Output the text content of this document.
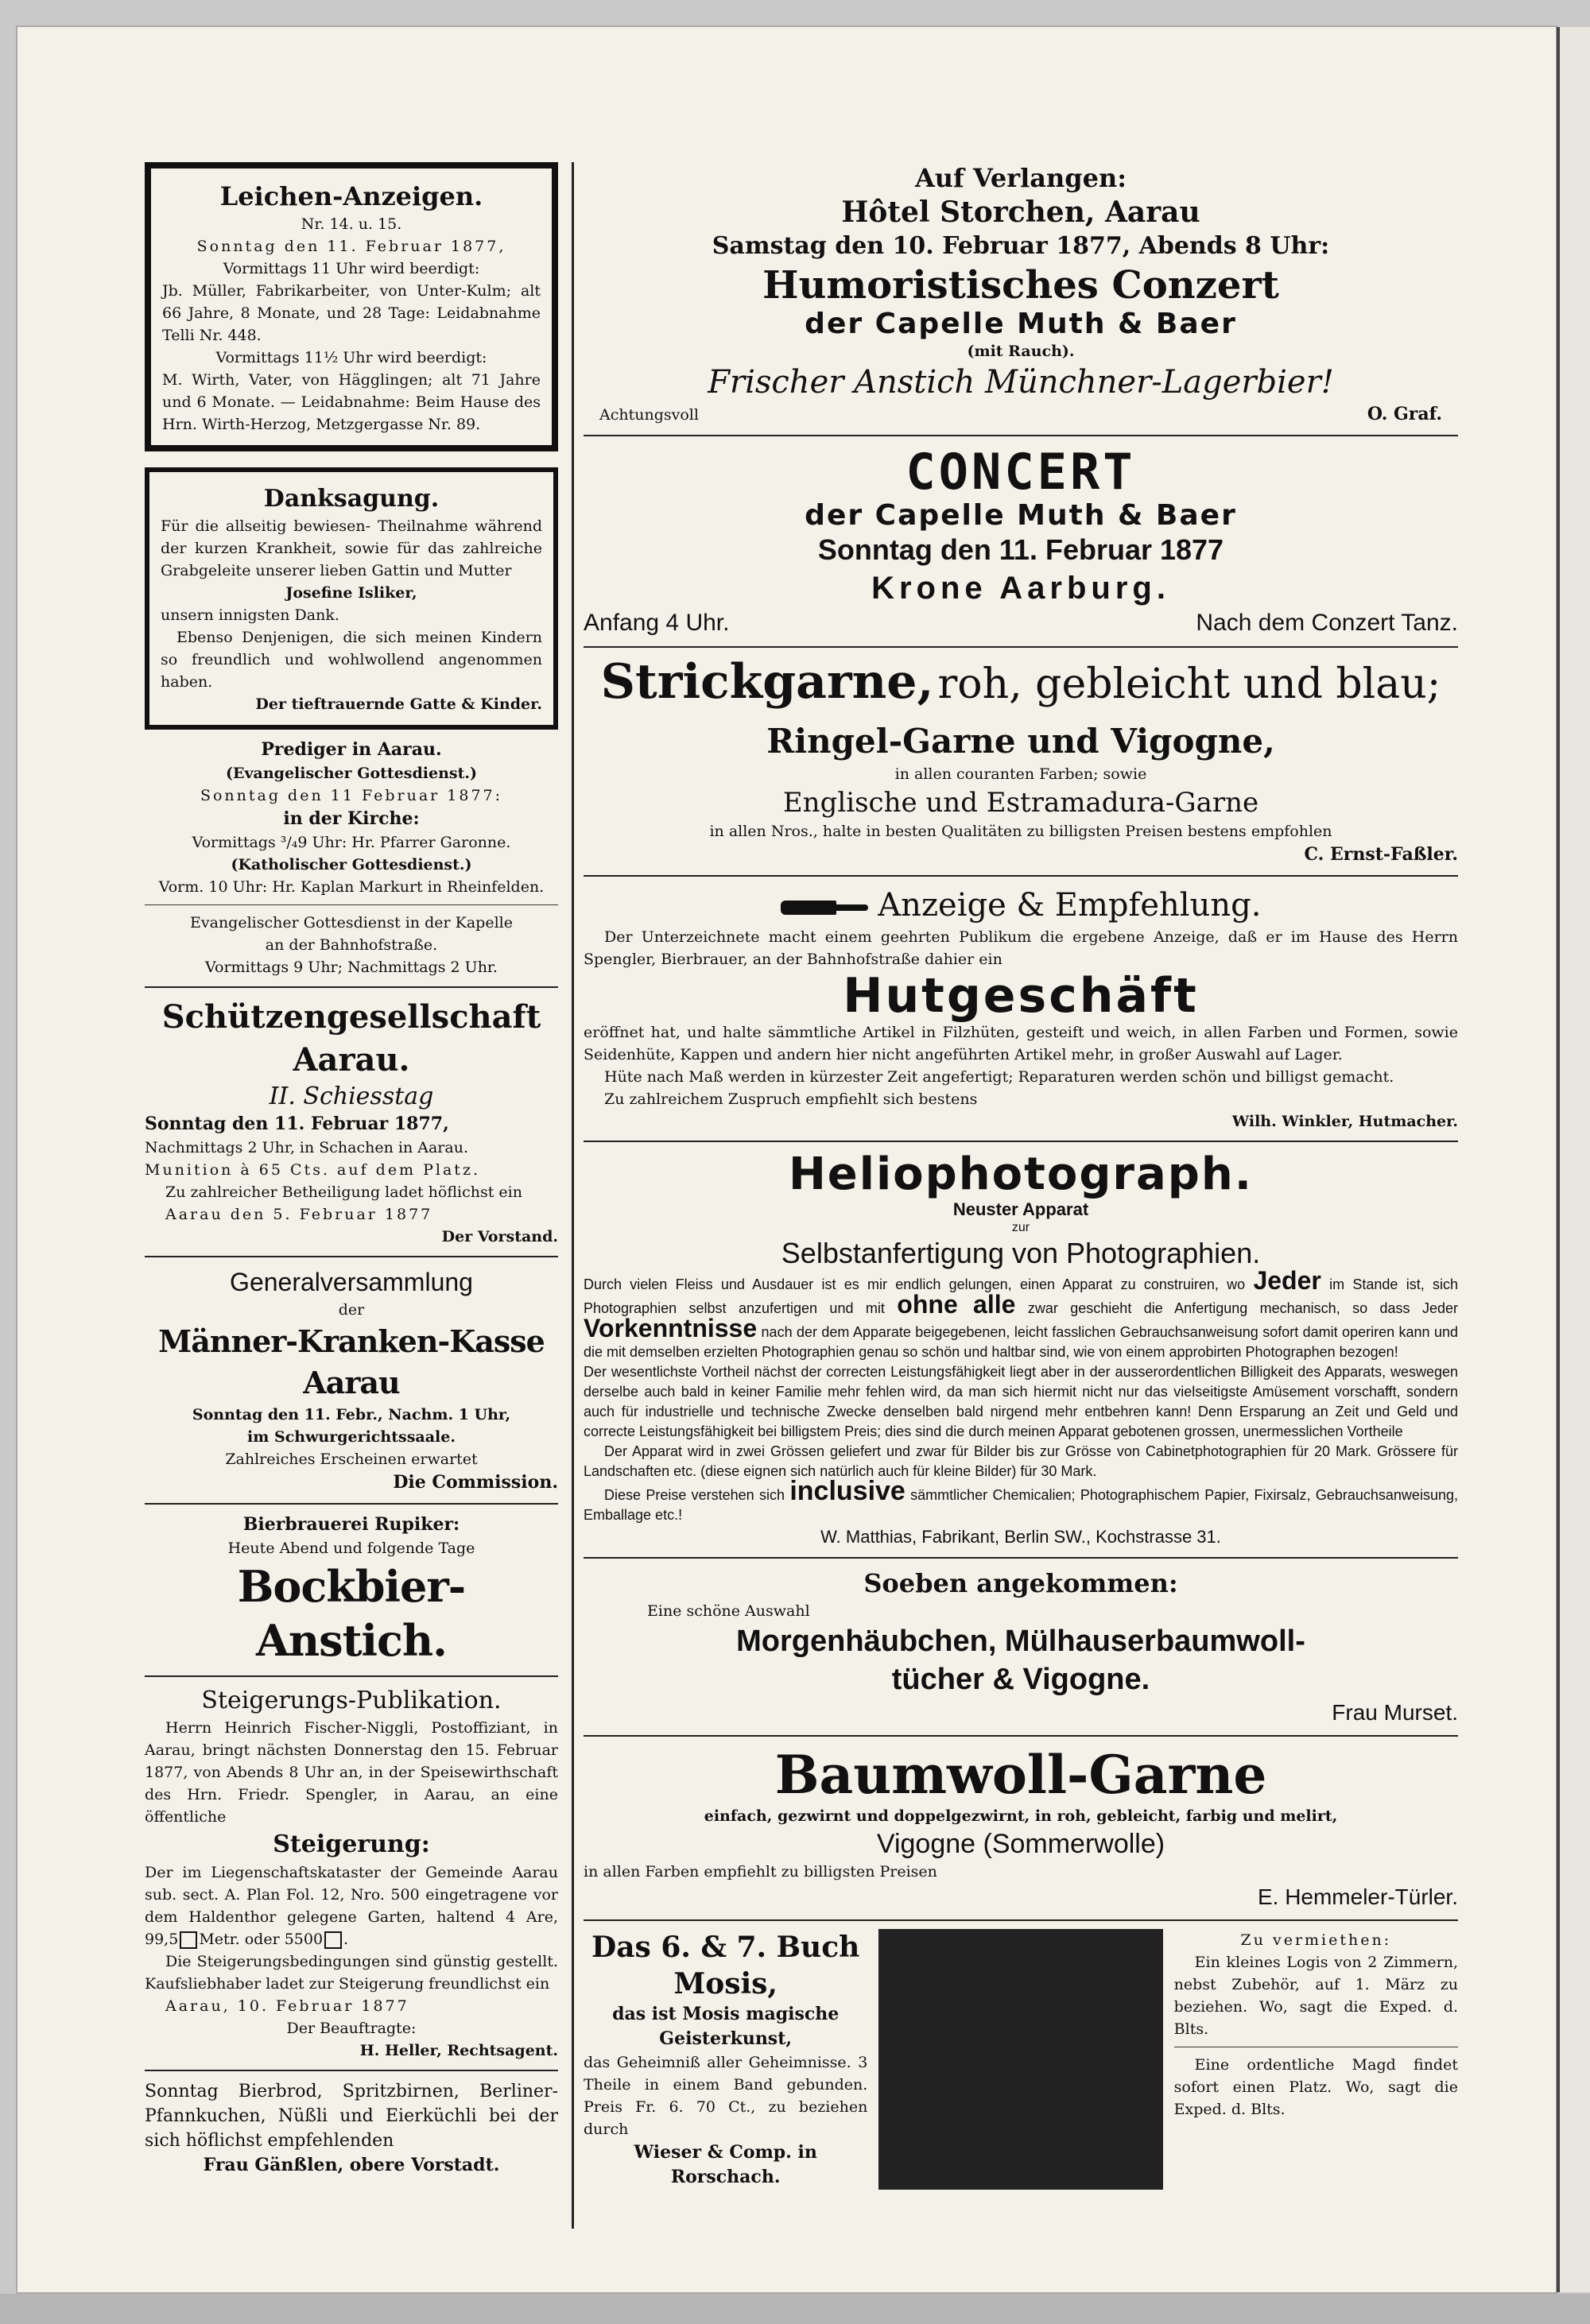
Leichen-Anzeigen.

Nr. 14. u. 15.

Sonntag den 11. Februar 1877,

Vormittags 11 Uhr wird beerdigt:

Jb. Müller, Fabrikarbeiter, von Unter-Kulm; alt 66 Jahre, 8 Monate, und 28 Tage: Leidabnahme Telli Nr. 448.

Vormittags 11½ Uhr wird beerdigt:

M. Wirth, Vater, von Hägglingen; alt 71 Jahre und 6 Monate. — Leidabnahme: Beim Hause des Hrn. Wirth-Herzog, Metzgergasse Nr. 89.

Danksagung.

Für die allseitig bewiesen- Theilnahme während der kurzen Krankheit, sowie für das zahlreiche Grabgeleite unserer lieben Gattin und Mutter

Josefine Isliker,

unsern innigsten Dank.

Ebenso Denjenigen, die sich meinen Kindern so freundlich und wohlwollend angenommen haben.

Der tieftrauernde Gatte & Kinder.

Prediger in Aarau.

(Evangelischer Gottesdienst.)

Sonntag den 11 Februar 1877:

in der Kirche:

Vormittags ³/₄9 Uhr: Hr. Pfarrer Garonne.

(Katholischer Gottesdienst.)

Vorm. 10 Uhr: Hr. Kaplan Markurt in Rheinfelden.

Evangelischer Gottesdienst in der Kapelle

an der Bahnhofstraße.

Vormittags 9 Uhr; Nachmittags 2 Uhr.

Schützengesellschaft Aarau.

II. Schiesstag

Sonntag den 11. Februar 1877,

Nachmittags 2 Uhr, in Schachen in Aarau.

Munition à 65 Cts. auf dem Platz.

Zu zahlreicher Betheiligung ladet höflichst ein

Aarau den 5. Februar 1877

Der Vorstand.

Generalversammlung

der

Männer-Kranken-Kasse Aarau

Sonntag den 11. Febr., Nachm. 1 Uhr,

im Schwurgerichtssaale.

Zahlreiches Erscheinen erwartet

Die Commission.

Bierbrauerei Rupiker:

Heute Abend und folgende Tage

Bockbier-Anstich.

Steigerungs-Publikation.

Herrn Heinrich Fischer-Niggli, Postoffiziant, in Aarau, bringt nächsten Donnerstag den 15. Februar 1877, von Abends 8 Uhr an, in der Speisewirthschaft des Hrn. Friedr. Spengler, in Aarau, an eine öffentliche

Steigerung:

Der im Liegenschaftskataster der Gemeinde Aarau sub. sect. A. Plan Fol. 12, Nro. 500 eingetragene vor dem Haldenthor gelegene Garten, haltend 4 Are, 99,5 Metr. oder 5500 .

Die Steigerungsbedingungen sind günstig gestellt. Kaufsliebhaber ladet zur Steigerung freundlichst ein

Aarau, 10. Februar 1877

Der Beauftragte:

H. Heller, Rechtsagent.

Sonntag Bierbrod, Spritzbirnen, Berliner-Pfannkuchen, Nüßli und Eierküchli bei der sich höflichst empfehlenden

Frau Gänßlen, obere Vorstadt.

Auf Verlangen:

Hôtel Storchen, Aarau

Samstag den 10. Februar 1877, Abends 8 Uhr:

Humoristisches Conzert

der Capelle Muth & Baer

(mit Rauch).

Frischer Anstich Münchner-Lagerbier!

Achtungsvoll	O. Graf.

CONCERT

der Capelle Muth & Baer

Sonntag den 11. Februar 1877

Krone Aarburg.

Anfang 4 Uhr.	Nach dem Conzert Tanz.

Strickgarne, roh, gebleicht und blau;

Ringel-Garne und Vigogne,

in allen couranten Farben; sowie

Englische und Estramadura-Garne

in allen Nros., halte in besten Qualitäten zu billigsten Preisen bestens empfohlen

C. Ernst-Faßler.

Anzeige & Empfehlung.

Der Unterzeichnete macht einem geehrten Publikum die ergebene Anzeige, daß er im Hause des Herrn Spengler, Bierbrauer, an der Bahnhofstraße dahier ein

Hutgeschäft

eröffnet hat, und halte sämmtliche Artikel in Filzhüten, gesteift und weich, in allen Farben und Formen, sowie Seidenhüte, Kappen und andern hier nicht angeführten Artikel mehr, in großer Auswahl auf Lager.

Hüte nach Maß werden in kürzester Zeit angefertigt; Reparaturen werden schön und billigst gemacht.

Zu zahlreichem Zuspruch empfiehlt sich bestens

Wilh. Winkler, Hutmacher.

Heliophotograph.

Neuster Apparat

zur

Selbstanfertigung von Photographien.

Durch vielen Fleiss und Ausdauer ist es mir endlich gelungen, einen Apparat zu construiren, wo Jeder im Stande ist, sich Photographien selbst anzufertigen und mit ohne alle zwar geschieht die Anfertigung mechanisch, so dass Jeder Vorkenntnisse nach der dem Apparate beigegebenen, leicht fasslichen Gebrauchsanweisung sofort damit operiren kann und die mit demselben erzielten Photographien genau so schön und haltbar sind, wie von einem approbirten Photographen bezogen!

Der wesentlichste Vortheil nächst der correcten Leistungsfähigkeit liegt aber in der ausserordentlichen Billigkeit des Apparats, weswegen derselbe auch bald in keiner Familie mehr fehlen wird, da man sich hiermit nicht nur das vielseitigste Amüsement vorschafft, sondern auch für industrielle und technische Zwecke denselben bald nirgend mehr entbehren kann! Denn Ersparung an Zeit und Geld und correcte Leistungsfähigkeit bei billigstem Preis; dies sind die durch meinen Apparat gebotenen grossen, unermesslichen Vortheile

Der Apparat wird in zwei Grössen geliefert und zwar für Bilder bis zur Grösse von Cabinetphotographien für 20 Mark. Grössere für Landschaften etc. (diese eignen sich natürlich auch für kleine Bilder) für 30 Mark.

Diese Preise verstehen sich inclusive sämmtlicher Chemicalien; Photographischem Papier, Fixirsalz, Gebrauchsanweisung, Emballage etc.!

W. Matthias, Fabrikant, Berlin SW., Kochstrasse 31.

Soeben angekommen:

Eine schöne Auswahl

Morgenhäubchen, Mülhauserbaumwoll-

tücher & Vigogne.

Frau Murset.

Baumwoll-Garne

einfach, gezwirnt und doppelgezwirnt, in roh, gebleicht, farbig und melirt,

Vigogne (Sommerwolle)

in allen Farben empfiehlt zu billigsten Preisen

E. Hemmeler-Türler.

Das 6. & 7. Buch Mosis,

das ist Mosis magische Geisterkunst,

das Geheimniß aller Geheimnisse. 3 Theile in einem Band gebunden. Preis Fr. 6. 70 Ct., zu beziehen durch

Wieser & Comp. in Rorschach.

Zu vermiethen:

Ein kleines Logis von 2 Zimmern, nebst Zubehör, auf 1. März zu beziehen. Wo, sagt die Exped. d. Blts.

Eine ordentliche Magd findet sofort einen Platz. Wo, sagt die Exped. d. Blts.
